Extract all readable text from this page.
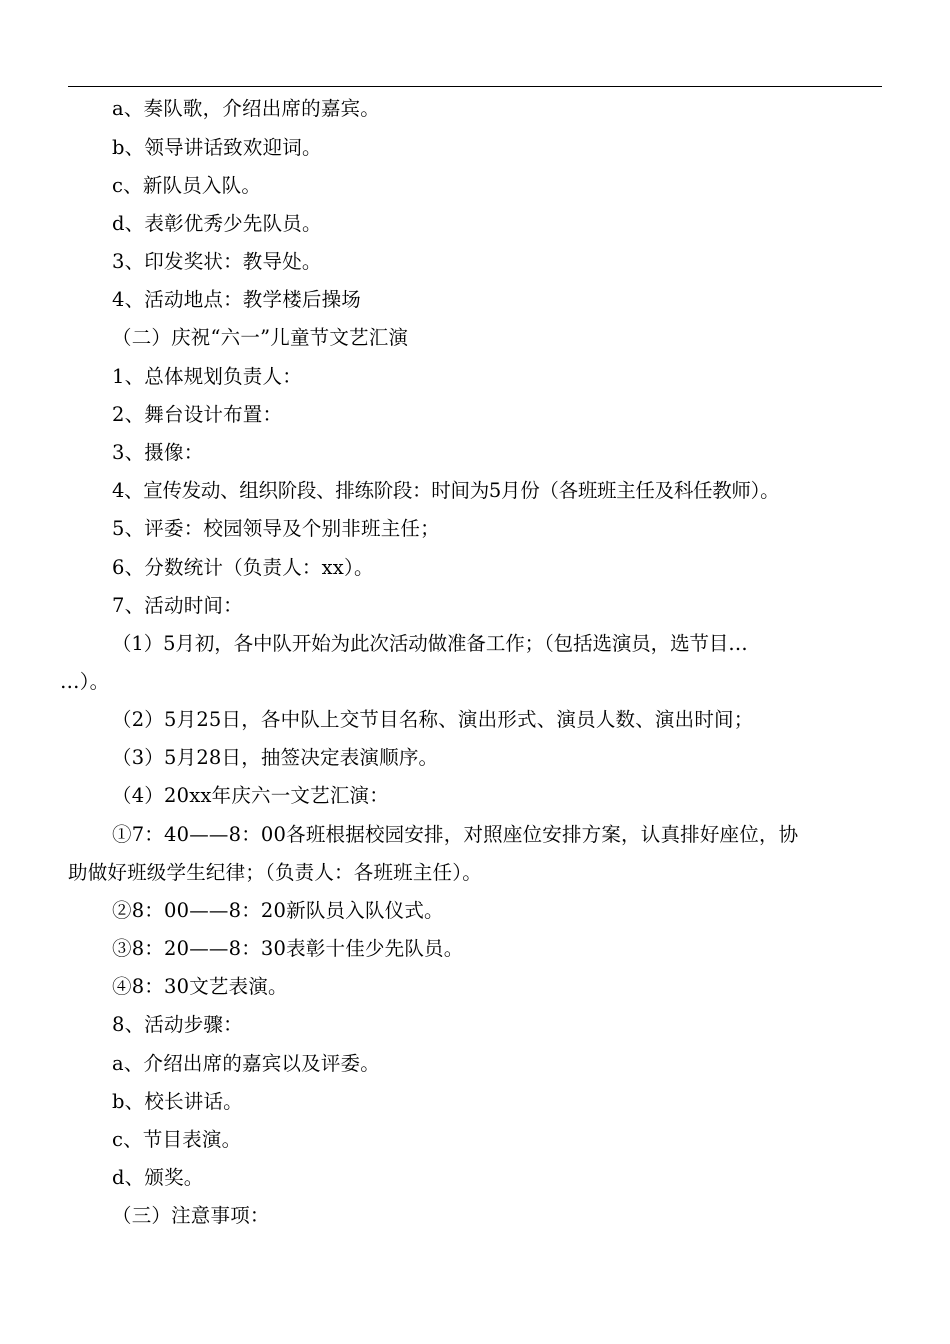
a、奏队歌，介绍出席的嘉宾。
b、领导讲话致欢迎词。
c、新队员入队。
d、表彰优秀少先队员。
3、印发奖状：教导处。
4、活动地点：教学楼后操场
（二）庆祝“六一”儿童节文艺汇演
1、总体规划负责人：
2、舞台设计布置：
3、摄像：
4、宣传发动、组织阶段、排练阶段：时间为5月份（各班班主任及科任教师）。
5、评委：校园领导及个别非班主任；
6、分数统计（负责人：xx）。
7、活动时间：
（1）5月初，各中队开始为此次活动做准备工作；（包括选演员，选节目…
…）。
（2）5月25日，各中队上交节目名称、演出形式、演员人数、演出时间；
（3）5月28日，抽签决定表演顺序。
（4）20xx年庆六一文艺汇演：
①7：40——8：00各班根据校园安排，对照座位安排方案，认真排好座位，协
助做好班级学生纪律；（负责人：各班班主任）。
②8：00——8：20新队员入队仪式。
③8：20——8：30表彰十佳少先队员。
④8：30文艺表演。
8、活动步骤：
a、介绍出席的嘉宾以及评委。
b、校长讲话。
c、节目表演。
d、颁奖。
（三）注意事项：
